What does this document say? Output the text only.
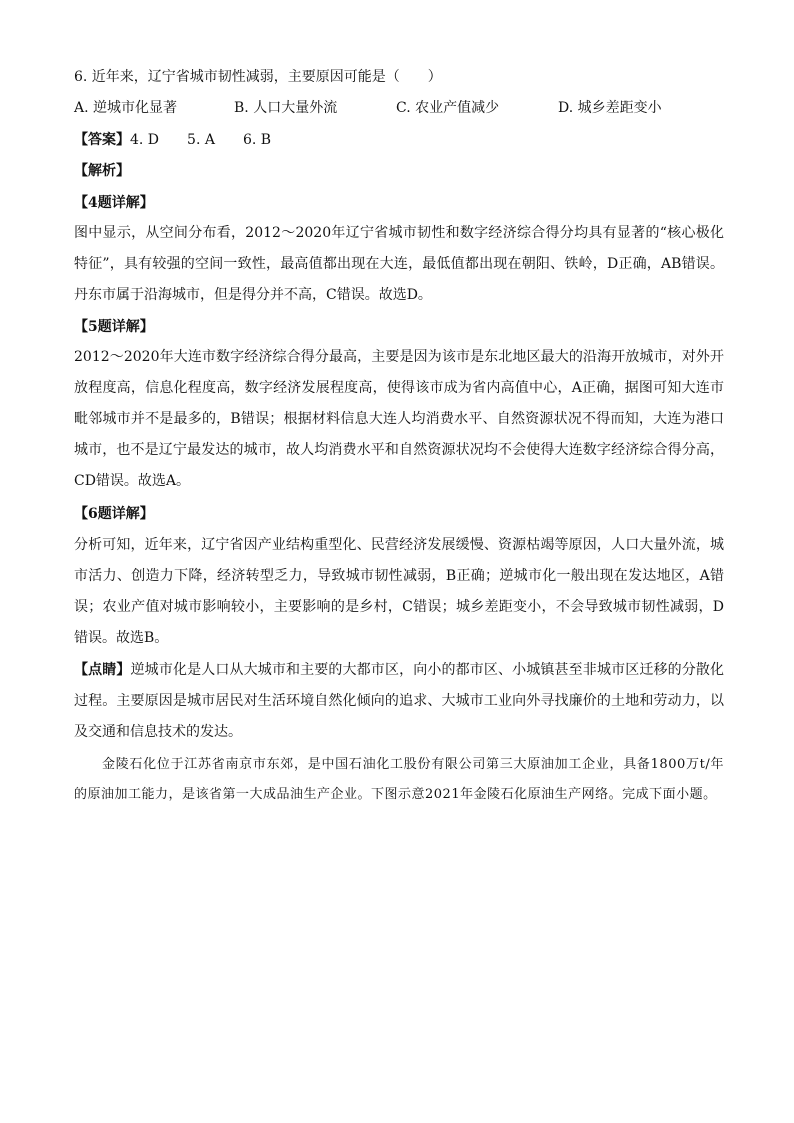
6. 近年来，辽宁省城市韧性减弱，主要原因可能是（　　）
A. 逆城市化显著	B. 人口大量外流	C. 农业产值减少	D. 城乡差距变小
【答案】4. D　　5. A　　6. B
【解析】
【4题详解】
图中显示，从空间分布看，2012～2020年辽宁省城市韧性和数字经济综合得分均具有显著的“核心极化特征”，具有较强的空间一致性，最高值都出现在大连，最低值都出现在朝阳、铁岭，D正确，AB错误。丹东市属于沿海城市，但是得分并不高，C错误。故选D。
【5题详解】
2012～2020年大连市数字经济综合得分最高，主要是因为该市是东北地区最大的沿海开放城市，对外开放程度高，信息化程度高，数字经济发展程度高，使得该市成为省内高值中心，A正确，据图可知大连市毗邻城市并不是最多的，B错误；根据材料信息大连人均消费水平、自然资源状况不得而知，大连为港口城市，也不是辽宁最发达的城市，故人均消费水平和自然资源状况均不会使得大连数字经济综合得分高，CD错误。故选A。
【6题详解】
分析可知，近年来，辽宁省因产业结构重型化、民营经济发展缓慢、资源枯竭等原因，人口大量外流，城市活力、创造力下降，经济转型乏力，导致城市韧性减弱，B正确；逆城市化一般出现在发达地区，A错误；农业产值对城市影响较小，主要影响的是乡村，C错误；城乡差距变小，不会导致城市韧性减弱，D错误。故选B。
【点睛】逆城市化是人口从大城市和主要的大都市区，向小的都市区、小城镇甚至非城市区迁移的分散化过程。主要原因是城市居民对生活环境自然化倾向的追求、大城市工业向外寻找廉价的土地和劳动力，以及交通和信息技术的发达。
金陵石化位于江苏省南京市东郊，是中国石油化工股份有限公司第三大原油加工企业，具备1800万t/年的原油加工能力，是该省第一大成品油生产企业。下图示意2021年金陵石化原油生产网络。完成下面小题。
